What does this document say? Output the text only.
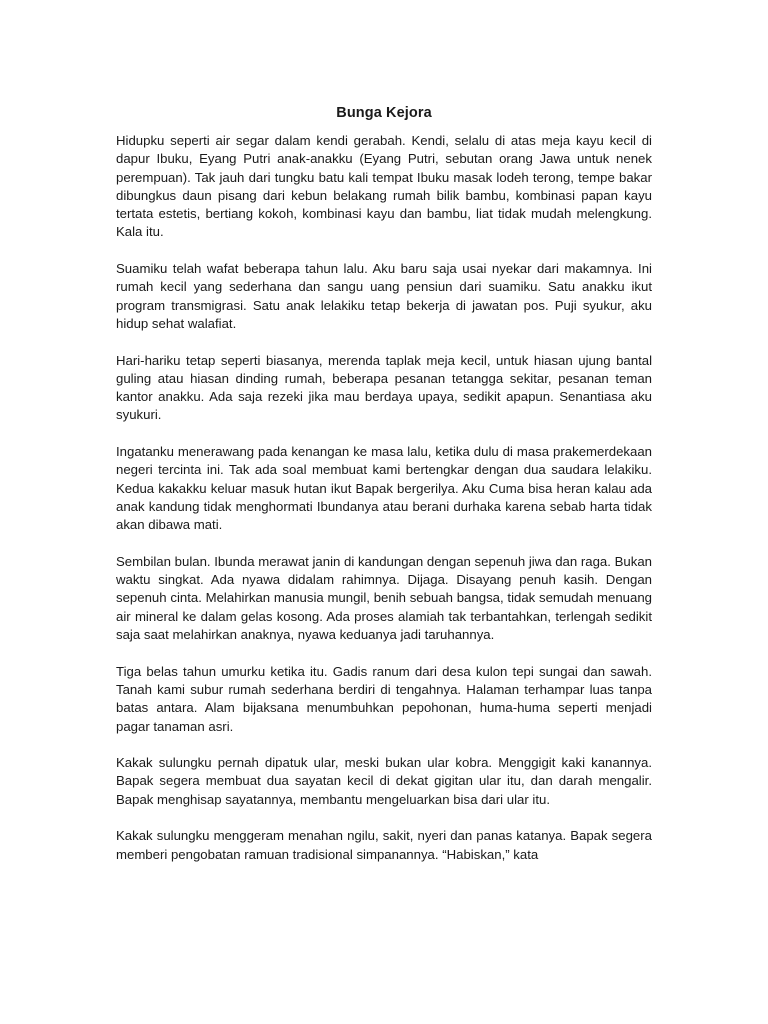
Bunga Kejora

Hidupku seperti air segar dalam kendi gerabah. Kendi, selalu di atas meja kayu kecil di dapur Ibuku, Eyang Putri anak-anakku (Eyang Putri, sebutan orang Jawa untuk nenek perempuan). Tak jauh dari tungku batu kali tempat Ibuku masak lodeh terong, tempe bakar dibungkus daun pisang dari kebun belakang rumah bilik bambu, kombinasi papan kayu tertata estetis, bertiang kokoh, kombinasi kayu dan bambu, liat tidak mudah melengkung. Kala itu.

Suamiku telah wafat beberapa tahun lalu. Aku baru saja usai nyekar dari makamnya. Ini rumah kecil yang sederhana dan sangu uang pensiun dari suamiku. Satu anakku ikut program transmigrasi. Satu anak lelakiku tetap bekerja di jawatan pos. Puji syukur, aku hidup sehat walafiat.

Hari-hariku tetap seperti biasanya, merenda taplak meja kecil, untuk hiasan ujung bantal guling atau hiasan dinding rumah, beberapa pesanan tetangga sekitar, pesanan teman kantor anakku. Ada saja rezeki jika mau berdaya upaya, sedikit apapun. Senantiasa aku syukuri.

Ingatanku menerawang pada kenangan ke masa lalu, ketika dulu di masa prakemerdekaan negeri tercinta ini. Tak ada soal membuat kami bertengkar dengan dua saudara lelakiku. Kedua kakakku keluar masuk hutan ikut Bapak bergerilya. Aku Cuma bisa heran kalau ada anak kandung tidak menghormati Ibundanya atau berani durhaka karena sebab harta tidak akan dibawa mati.

Sembilan bulan. Ibunda merawat janin di kandungan dengan sepenuh jiwa dan raga. Bukan waktu singkat. Ada nyawa didalam rahimnya. Dijaga. Disayang penuh kasih. Dengan sepenuh cinta. Melahirkan manusia mungil, benih sebuah bangsa, tidak semudah menuang air mineral ke dalam gelas kosong. Ada proses alamiah tak terbantahkan, terlengah sedikit saja saat melahirkan anaknya, nyawa keduanya jadi taruhannya.

Tiga belas tahun umurku ketika itu. Gadis ranum dari desa kulon tepi sungai dan sawah. Tanah kami subur rumah sederhana berdiri di tengahnya. Halaman terhampar luas tanpa batas antara. Alam bijaksana menumbuhkan pepohonan, huma-huma seperti menjadi pagar tanaman asri.

Kakak sulungku pernah dipatuk ular, meski bukan ular kobra. Menggigit kaki kanannya. Bapak segera membuat dua sayatan kecil di dekat gigitan ular itu, dan darah mengalir. Bapak menghisap sayatannya, membantu mengeluarkan bisa dari ular itu.

Kakak sulungku menggeram menahan ngilu, sakit, nyeri dan panas katanya. Bapak segera memberi pengobatan ramuan tradisional simpanannya. “Habiskan,” kata
